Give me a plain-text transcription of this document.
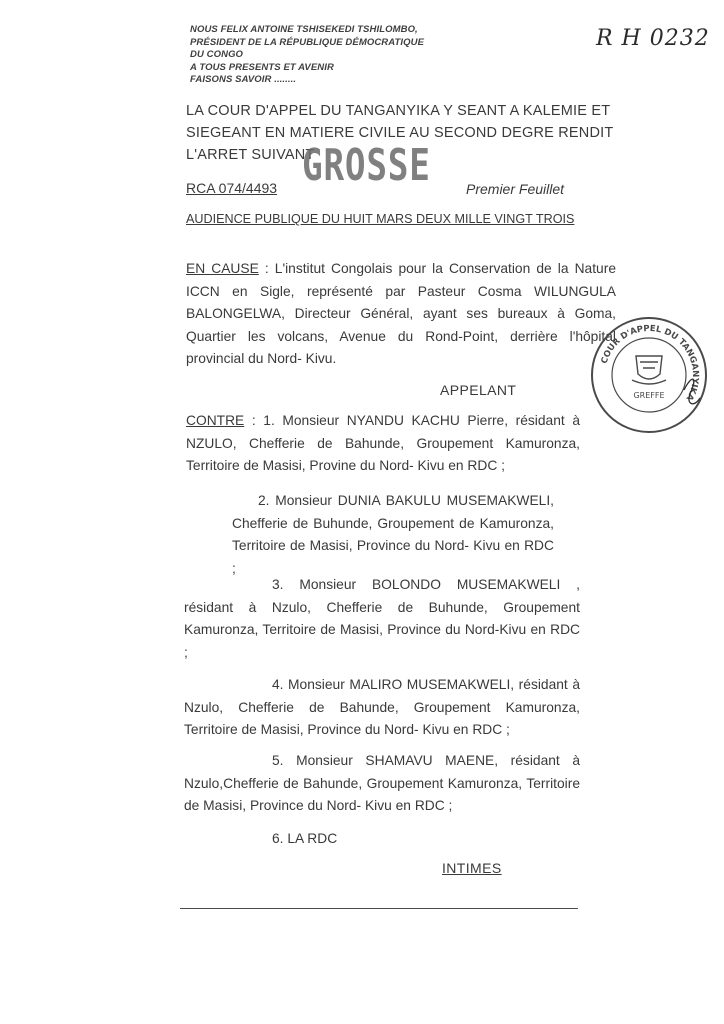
NOUS FELIX ANTOINE TSHISEKEDI TSHILOMBO,
PRÉSIDENT DE LA RÉPUBLIQUE DÉMOCRATIQUE
DU CONGO
A TOUS PRESENTS ET AVENIR
FAISONS SAVOIR ........
R H 0232
LA COUR D'APPEL DU TANGANYIKA Y SEANT A KALEMIE ET
SIEGEANT EN MATIERE CIVILE AU SECOND DEGRE RENDIT
L'ARRET SUIVANT
GROSSE
RCA 074/4493	Premier Feuillet
AUDIENCE PUBLIQUE DU HUIT MARS DEUX MILLE VINGT TROIS
EN CAUSE : L'institut Congolais pour la Conservation de la Nature ICCN en Sigle, représenté par Pasteur Cosma WILUNGULA BALONGELWA, Directeur Général, ayant ses bureaux à Goma, Quartier les volcans, Avenue du Rond-Point, derrière l'hôpital provincial du Nord- Kivu.
APPELANT
CONTRE : 1. Monsieur NYANDU KACHU Pierre, résidant à NZULO, Chefferie de Bahunde, Groupement Kamuronza, Territoire de Masisi, Provine du Nord- Kivu en RDC ;
2. Monsieur DUNIA BAKULU MUSEMAKWELI, Chefferie de Buhunde, Groupement de Kamuronza, Territoire de Masisi, Province du Nord- Kivu en RDC ;
3. Monsieur BOLONDO MUSEMAKWELI , résidant à Nzulo, Chefferie de Buhunde, Groupement Kamuronza, Territoire de Masisi, Province du Nord-Kivu en RDC ;
4. Monsieur MALIRO MUSEMAKWELI, résidant à Nzulo, Chefferie de Bahunde, Groupement Kamuronza, Territoire de Masisi, Province du Nord- Kivu en RDC ;
5. Monsieur SHAMAVU MAENE, résidant à Nzulo,Chefferie de Bahunde, Groupement Kamuronza, Territoire de Masisi, Province du Nord- Kivu en RDC ;
6. LA RDC
INTIMES
COUR D'APPEL DU TANGANYIKA
GREFFE
